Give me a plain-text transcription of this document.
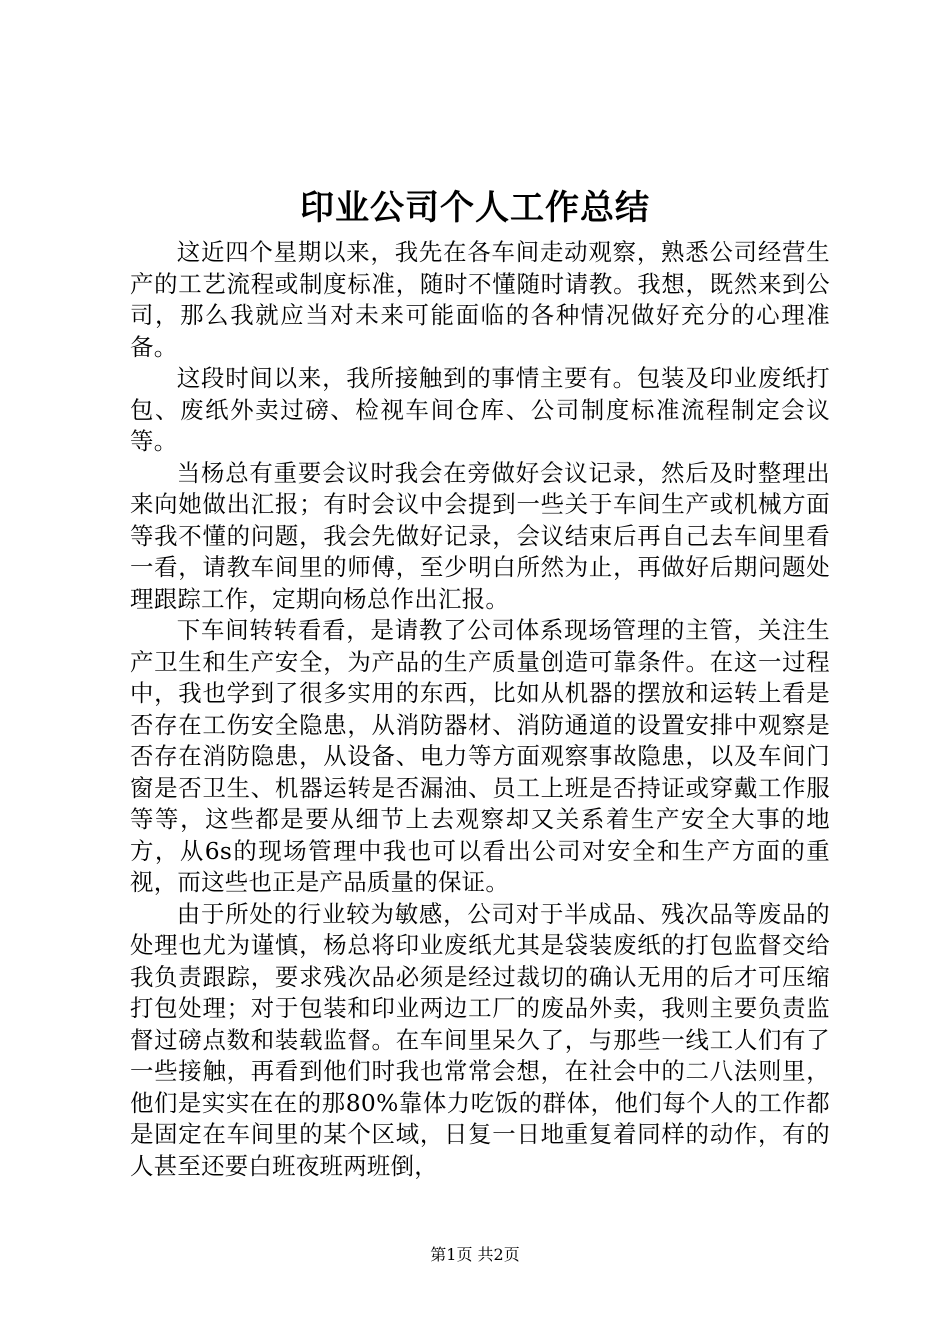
印业公司个人工作总结

这近四个星期以来，我先在各车间走动观察，熟悉公司经营生产的工艺流程或制度标准，随时不懂随时请教。我想，既然来到公司，那么我就应当对未来可能面临的各种情况做好充分的心理准备。

这段时间以来，我所接触到的事情主要有。包装及印业废纸打包、废纸外卖过磅、检视车间仓库、公司制度标准流程制定会议等。

当杨总有重要会议时我会在旁做好会议记录，然后及时整理出来向她做出汇报；有时会议中会提到一些关于车间生产或机械方面等我不懂的问题，我会先做好记录，会议结束后再自己去车间里看一看，请教车间里的师傅，至少明白所然为止，再做好后期问题处理跟踪工作，定期向杨总作出汇报。

下车间转转看看，是请教了公司体系现场管理的主管，关注生产卫生和生产安全，为产品的生产质量创造可靠条件。在这一过程中，我也学到了很多实用的东西，比如从机器的摆放和运转上看是否存在工伤安全隐患，从消防器材、消防通道的设置安排中观察是否存在消防隐患，从设备、电力等方面观察事故隐患，以及车间门窗是否卫生、机器运转是否漏油、员工上班是否持证或穿戴工作服等等，这些都是要从细节上去观察却又关系着生产安全大事的地方，从6s的现场管理中我也可以看出公司对安全和生产方面的重视，而这些也正是产品质量的保证。

由于所处的行业较为敏感，公司对于半成品、残次品等废品的处理也尤为谨慎，杨总将印业废纸尤其是袋装废纸的打包监督交给我负责跟踪，要求残次品必须是经过裁切的确认无用的后才可压缩打包处理；对于包装和印业两边工厂的废品外卖，我则主要负责监督过磅点数和装载监督。在车间里呆久了，与那些一线工人们有了一些接触，再看到他们时我也常常会想，在社会中的二八法则里，他们是实实在在的那80%靠体力吃饭的群体，他们每个人的工作都是固定在车间里的某个区域，日复一日地重复着同样的动作，有的人甚至还要白班夜班两班倒，

第1页 共2页
